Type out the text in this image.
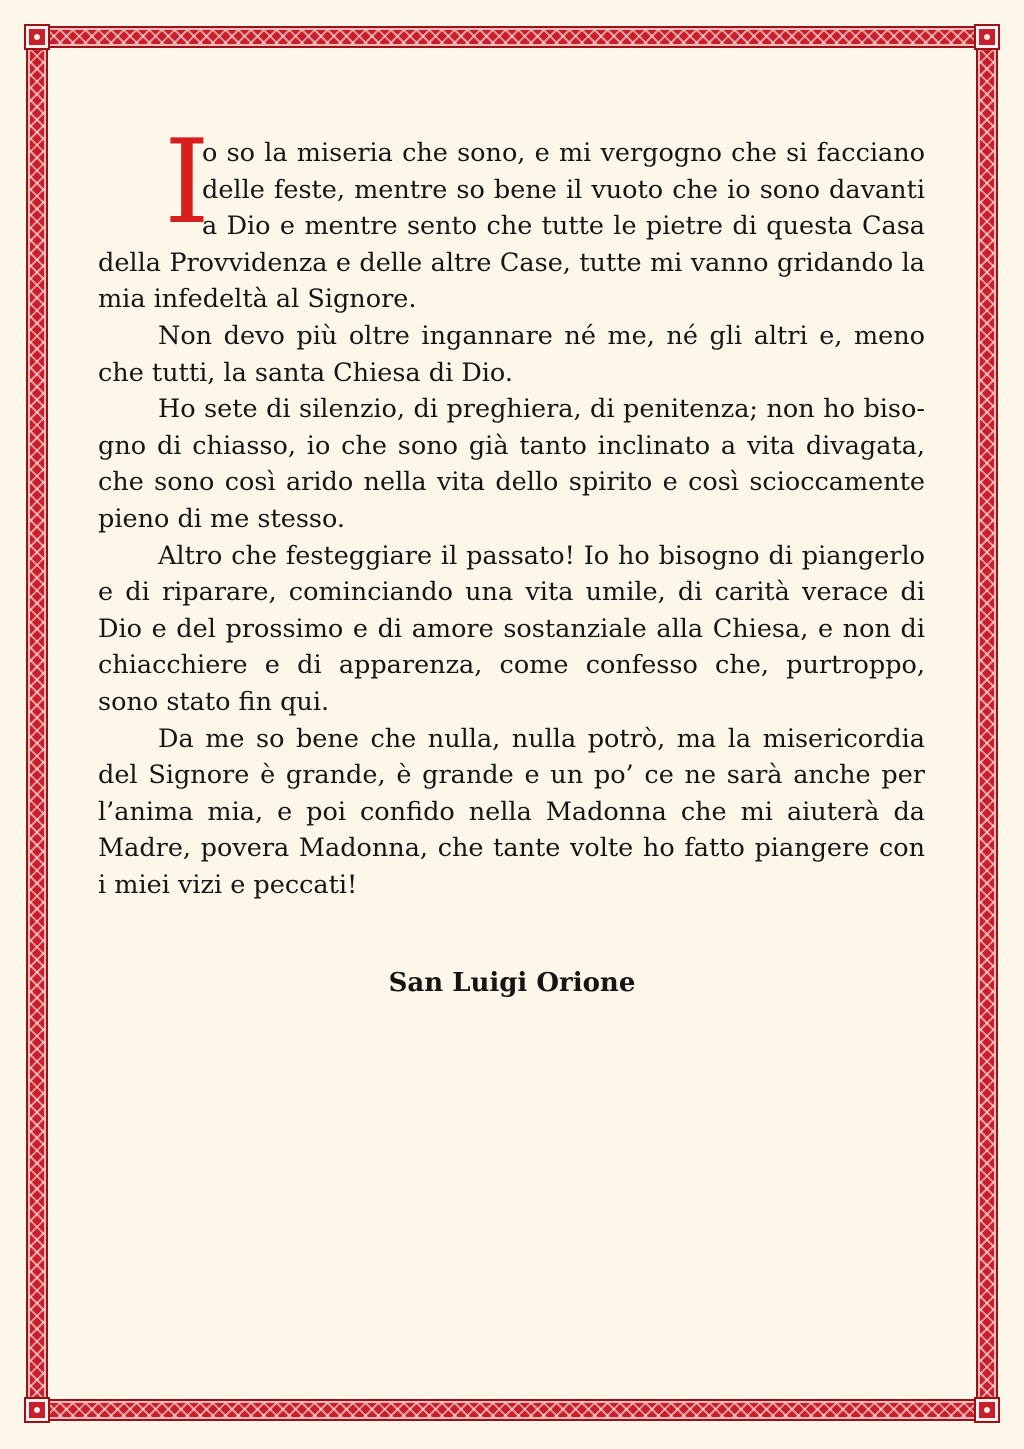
I
o so la miseria che sono, e mi vergogno che si facciano delle feste, mentre so bene il vuoto che io sono davanti a Dio e mentre sento che tutte le pietre di questa Casa della Provvidenza e delle altre Case, tutte mi vanno gridando la mia infedeltà al Signore.

Non devo più oltre ingannare né me, né gli altri e, meno che tutti, la santa Chiesa di Dio.

Ho sete di silenzio, di preghiera, di penitenza; non ho bisogno di chiasso, io che sono già tanto inclinato a vita divagata, che sono così arido nella vita dello spirito e così scioccamente pieno di me stesso.

Altro che festeggiare il passato! Io ho bisogno di piangerlo e di riparare, cominciando una vita umile, di carità verace di Dio e del prossimo e di amore sostanziale alla Chiesa, e non di chiacchiere e di apparenza, come confesso che, purtroppo, sono stato fin qui.

Da me so bene che nulla, nulla potrò, ma la misericordia del Signore è grande, è grande e un po’ ce ne sarà anche per l’anima mia, e poi confido nella Madonna che mi aiuterà da Madre, povera Madonna, che tante volte ho fatto piangere con i miei vizi e peccati!

San Luigi Orione
